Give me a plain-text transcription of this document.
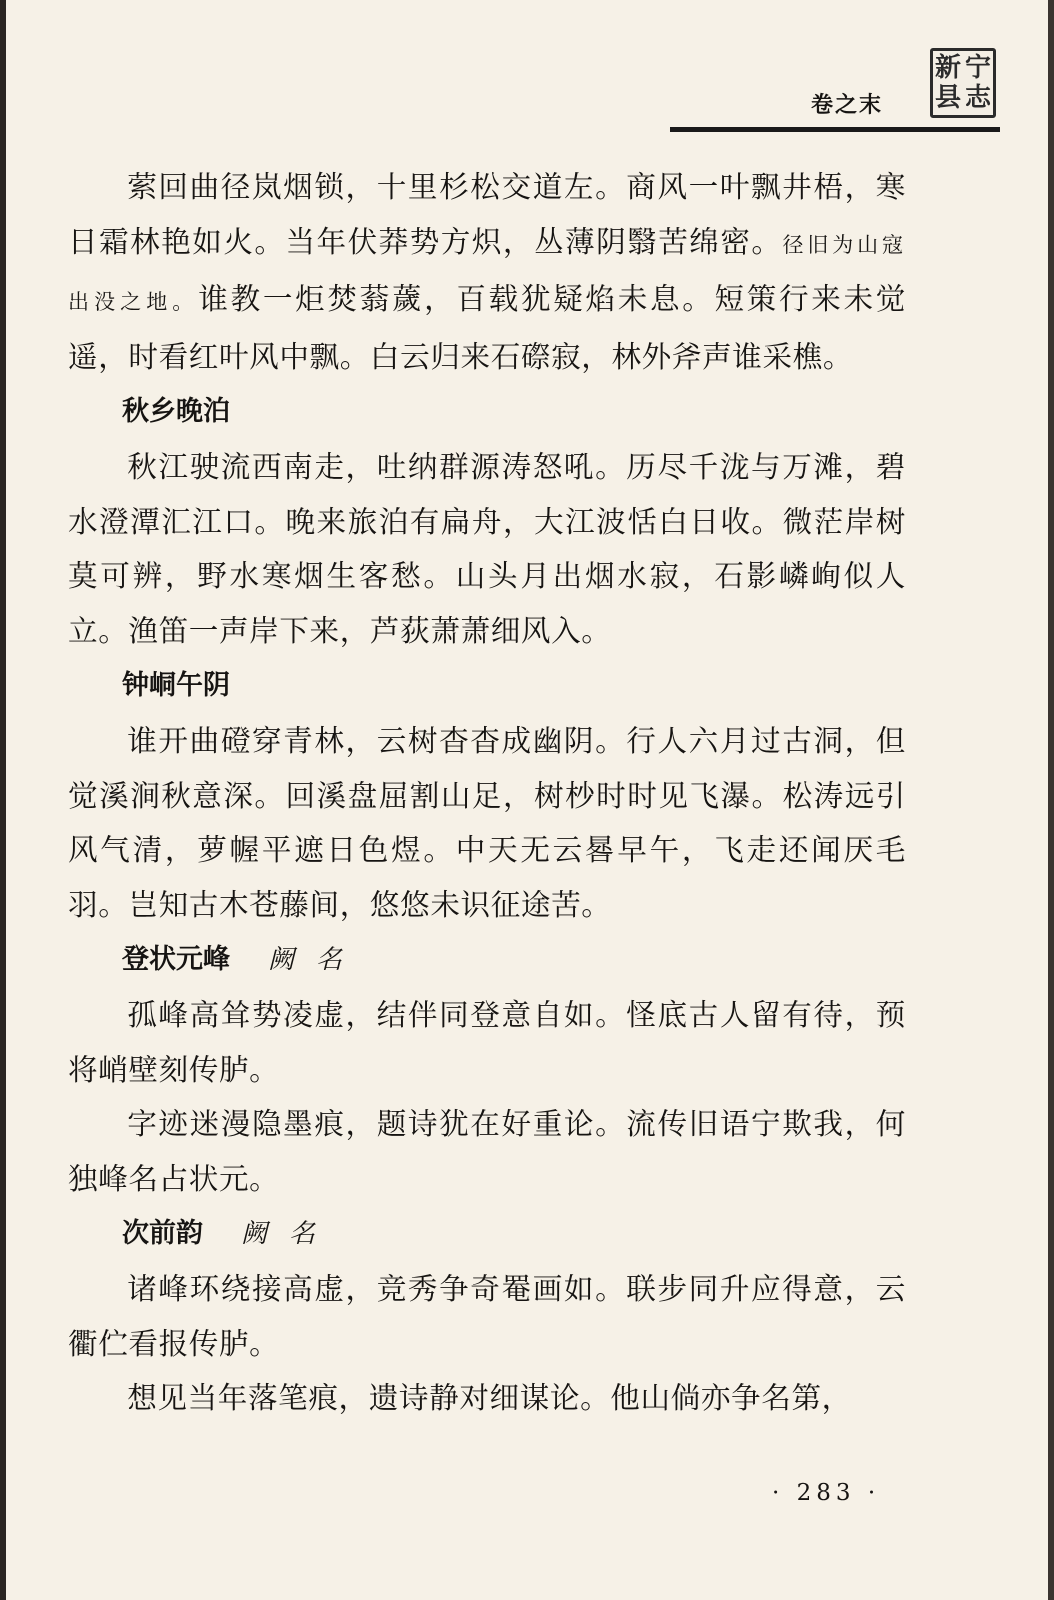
卷之末
新 宁
县 志

萦回曲径岚烟锁，十里杉松交道左。商风一叶飘井梧，寒日霜林艳如火。当年伏莽势方炽，丛薄阴翳苦绵密。径旧为山寇出没之地。谁教一炬焚蓊薉，百载犹疑焰未息。短策行来未觉遥，时看红叶风中飘。白云归来石磜寂，林外斧声谁采樵。

秋乡晚泊

秋江驶流西南走，吐纳群源涛怒吼。历尽千泷与万滩，碧水澄潭汇江口。晚来旅泊有扁舟，大江波恬白日收。微茫岸树莫可辨，野水寒烟生客愁。山头月出烟水寂，石影嶙峋似人立。渔笛一声岸下来，芦荻萧萧细风入。

钟峒午阴

谁开曲磴穿青林，云树杳杳成幽阴。行人六月过古洞，但觉溪涧秋意深。回溪盘屈割山足，树杪时时见飞瀑。松涛远引风气清，萝幄平遮日色煜。中天无云晷早午，飞走还闻厌毛羽。岂知古木苍藤间，悠悠未识征途苦。

登状元峰 阙名

孤峰高耸势凌虚，结伴同登意自如。怪底古人留有待，预将峭壁刻传胪。

字迹迷漫隐墨痕，题诗犹在好重论。流传旧语宁欺我，何独峰名占状元。

次前韵 阙名

诸峰环绕接高虚，竞秀争奇罨画如。联步同升应得意，云衢伫看报传胪。

想见当年落笔痕，遗诗静对细谋论。他山倘亦争名第，

· 283 ·
